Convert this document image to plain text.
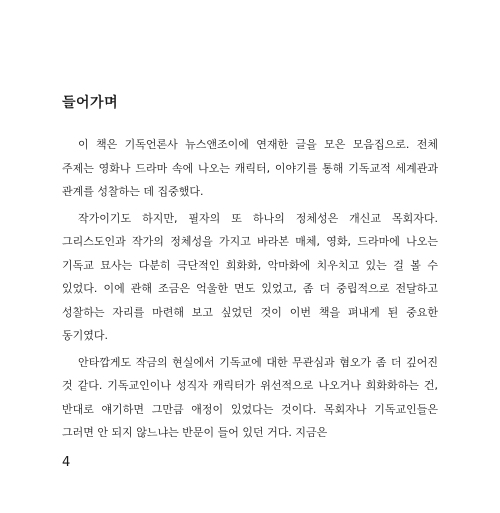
들어가며

이 책은 기독언론사 뉴스앤조이에 연재한 글을 모은 모음집으로. 전체 주제는 영화나 드라마 속에 나오는 캐릭터, 이야기를 통해 기독교적 세계관과 관계를 성찰하는 데 집중했다.

작가이기도 하지만, 필자의 또 하나의 정체성은 개신교 목회자다. 그리스도인과 작가의 정체성을 가지고 바라본 매체, 영화, 드라마에 나오는 기독교 묘사는 다분히 극단적인 희화화, 악마화에 치우치고 있는 걸 볼 수 있었다. 이에 관해 조금은 억울한 면도 있었고, 좀 더 중립적으로 전달하고 성찰하는 자리를 마련해 보고 싶었던 것이 이번 책을 펴내게 된 중요한 동기였다.

안타깝게도 작금의 현실에서 기독교에 대한 무관심과 혐오가 좀 더 깊어진 것 같다. 기독교인이나 성직자 캐릭터가 위선적으로 나오거나 희화화하는 건, 반대로 얘기하면 그만큼 애정이 있었다는 것이다. 목회자나 기독교인들은 그러면 안 되지 않느냐는 반문이 들어 있던 거다. 지금은

4
